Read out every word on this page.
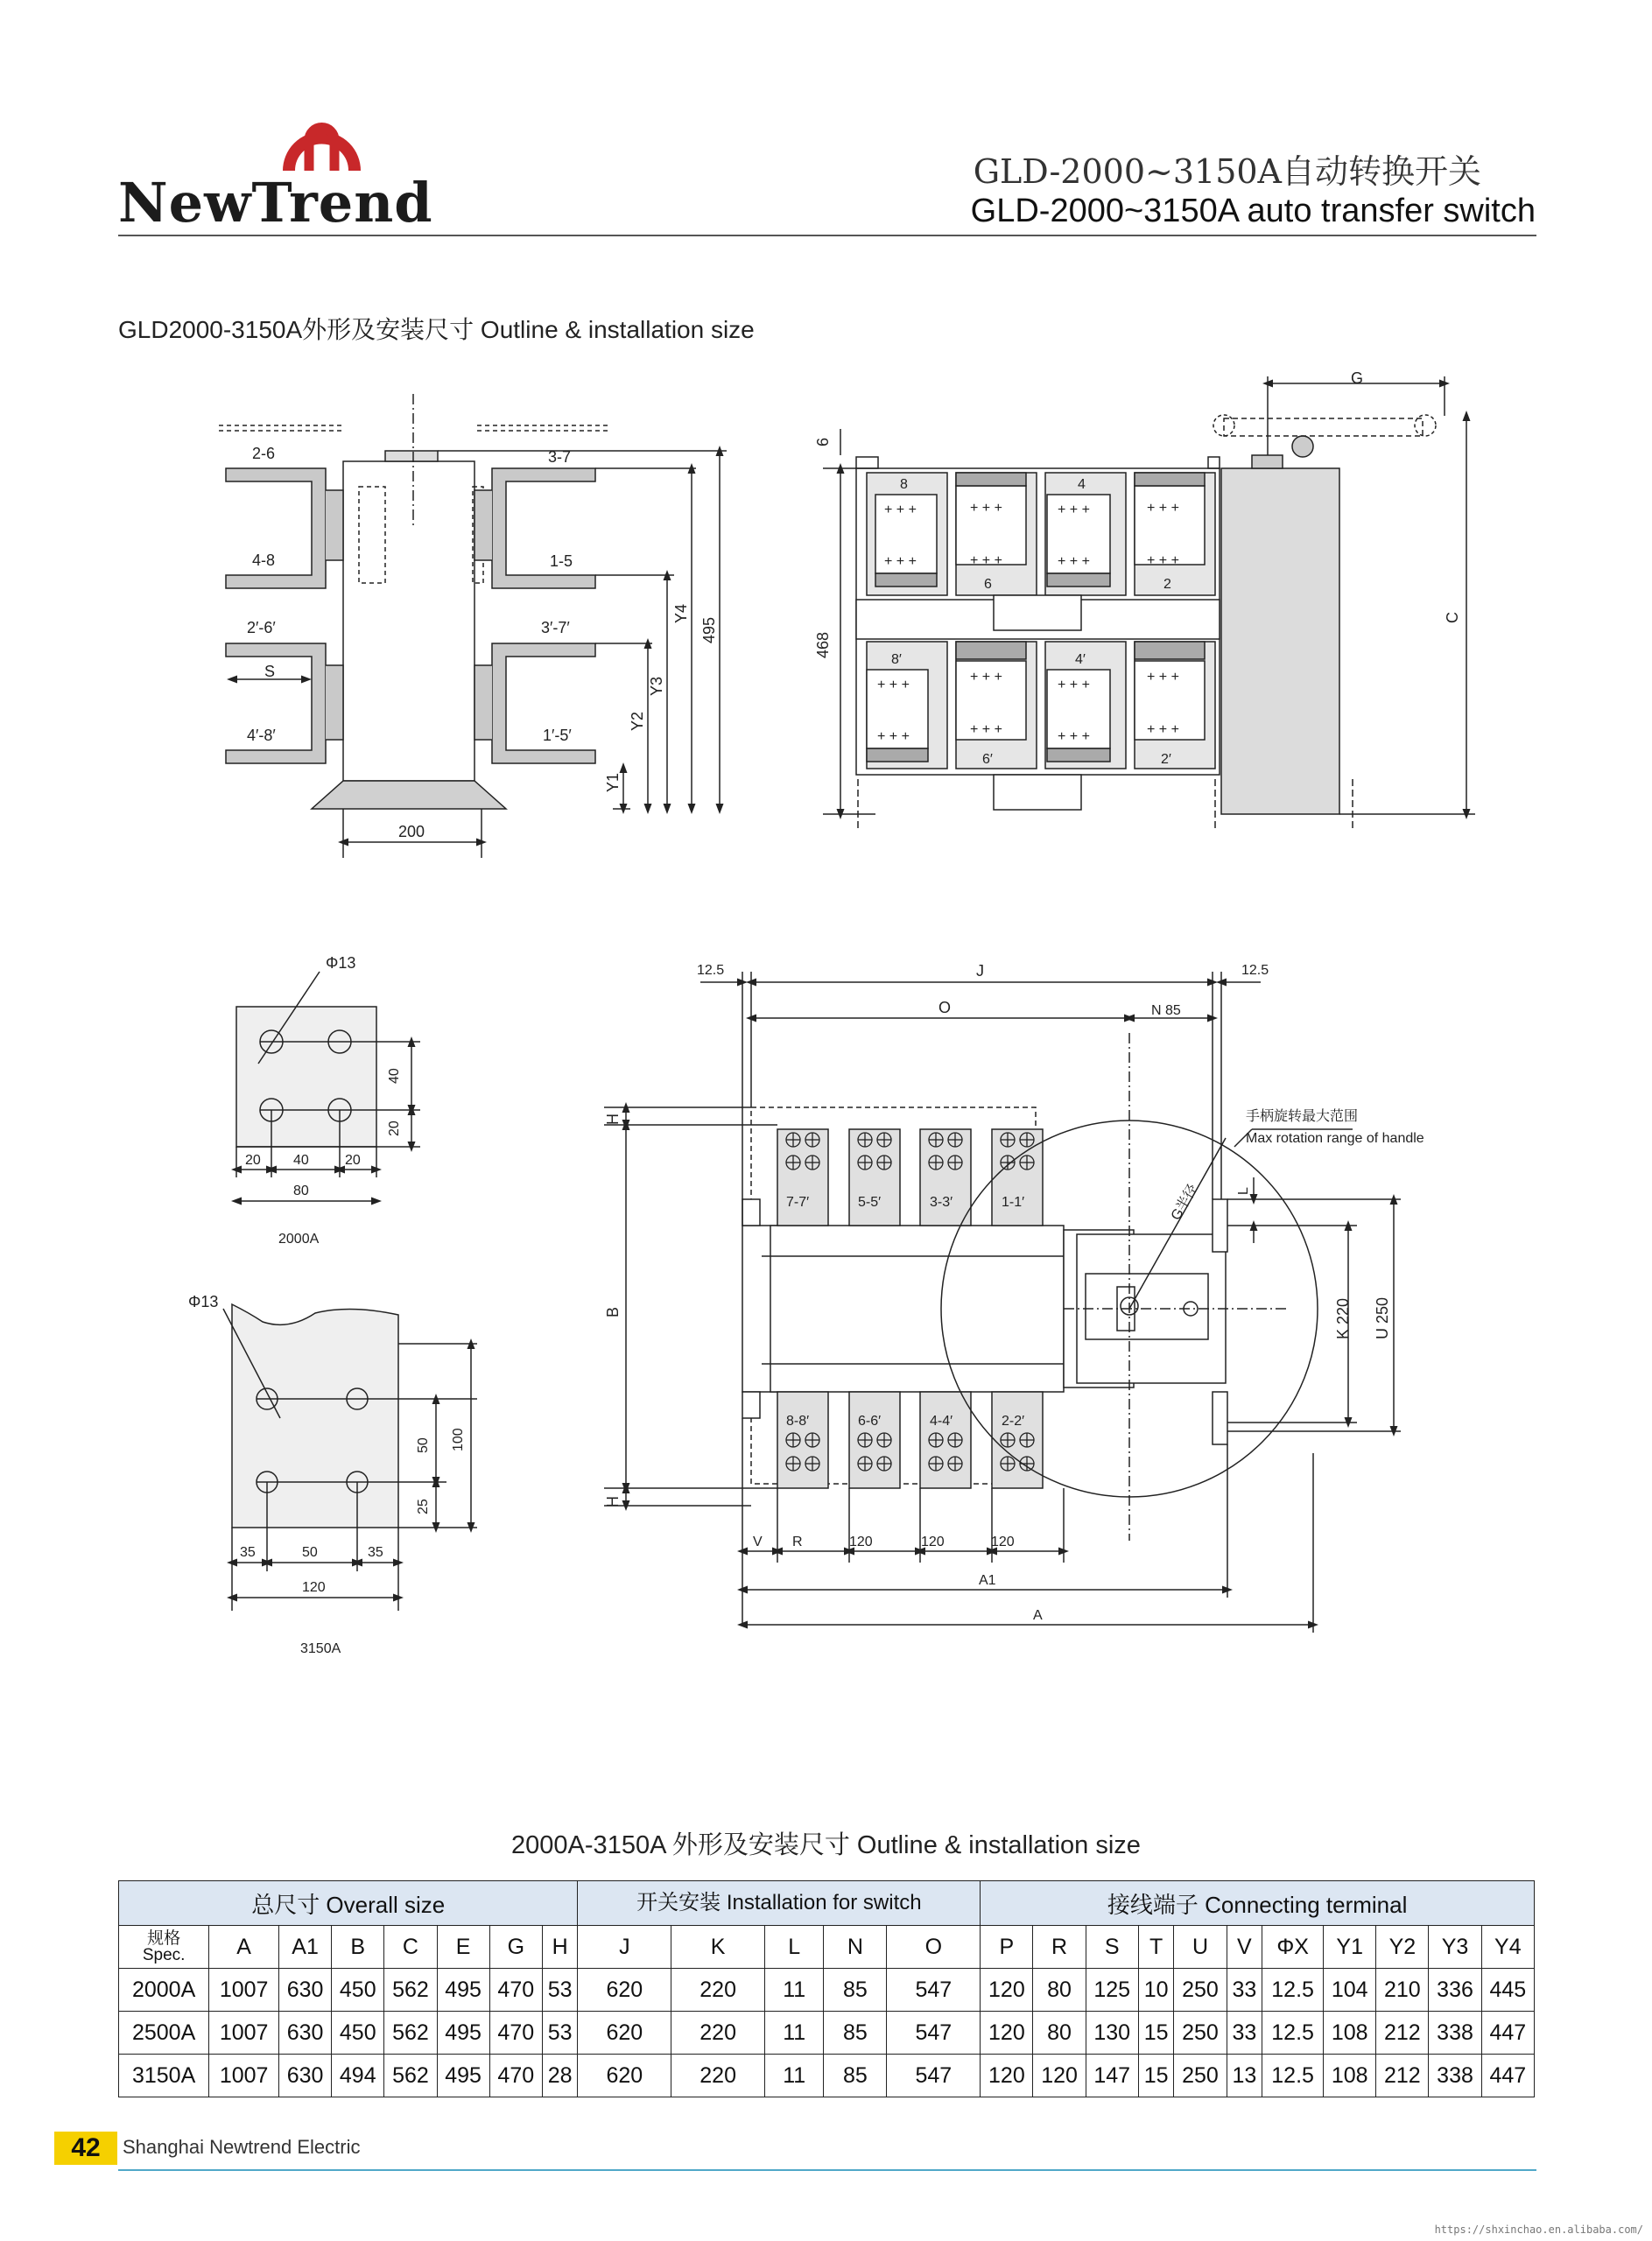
NewTrend	GLD-2000~3150A自动转换开关
GLD-2000~3150A auto transfer switch
GLD2000-3150A外形及安装尺寸 Outline & installation size
2-6
4-8
3-7
1-5
2′-6′
S
4′-8′
3′-7′
1′-5′
Y4
495
Y3
Y2
Y1
200
8	4
6	2
8′	4′
6′	2′
+ + +
+ + +
+ + +
+ + +
+ + +
+ + +
+ + +
+ + +
+ + +
+ + +
+ + +
+ + +
+ + +
+ + +
+ + +
+ + +
6
468
G
C
Φ13
40
20
20 40	20
80
2000A
Φ13
50
25
100
35	50	35
120
3150A
12.5	J	12.5
O	N 85
7-7′	5-5′	3-3′	1-1′
8-8′	6-6′	4-4′	2-2′
手柄旋转最大范围
Max rotation range of handle
G半径
H
B
H
L
K 220 U 250
V R	120	120	120
A1
A
2000A-3150A 外形及安装尺寸 Outline & installation size
总尺寸 Overall size								开关安装 Installation for switch					接线端子 Connecting terminal										
规格
Spec.	A	A1	B	C	E	G	H	J	K	L	N	O	P	R	S	T	U	V	ΦX	Y1	Y2	Y3	Y4
2000A	1007	630	450	562	495	470	53	620	220	11	85	547	120	80	125	10	250	33	12.5	104	210	336	445
2500A	1007	630	450	562	495	470	53	620	220	11	85	547	120	80	130	15	250	33	12.5	108	212	338	447
3150A	1007	630	494	562	495	470	28	620	220	11	85	547	120	120	147	15	250	13	12.5	108	212	338	447
42	Shanghai Newtrend Electric
https://shxinchao.en.alibaba.com/
